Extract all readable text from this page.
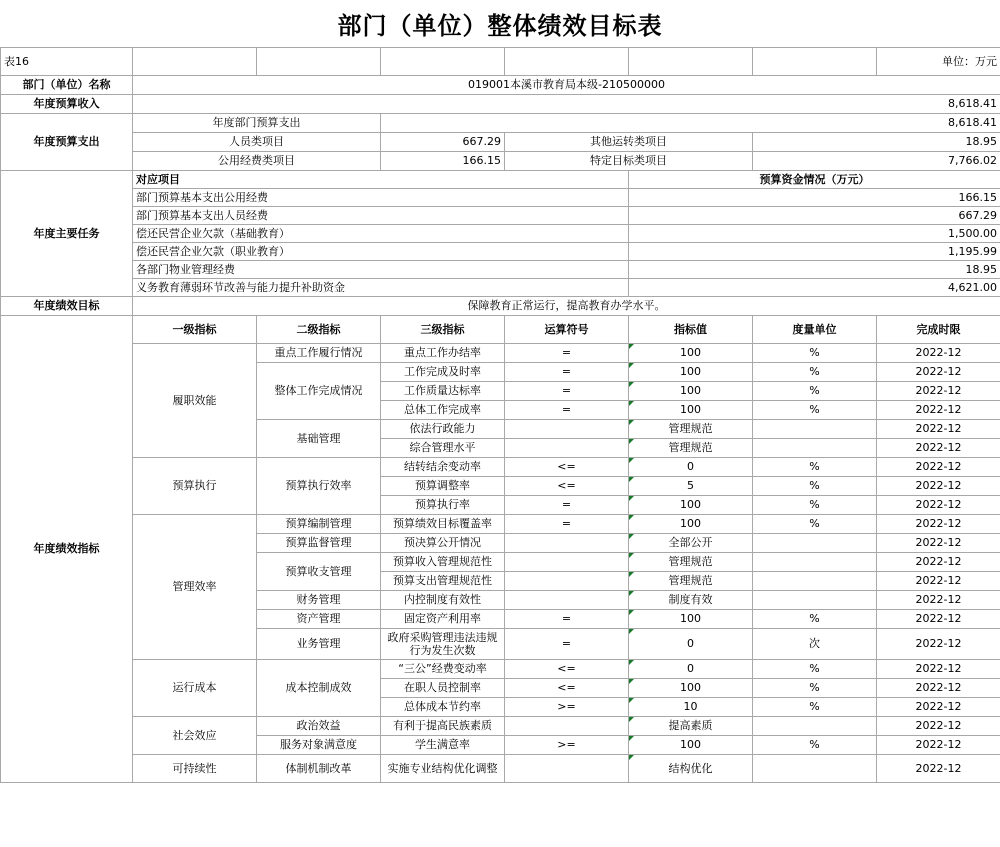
部门（单位）整体绩效目标表
表16							单位：万元
部门（单位）名称	019001本溪市教育局本级-210500000						
年度预算收入	8,618.41						
年度预算支出	年度部门预算支出		8,618.41				
	人员类项目		667.29	其他运转类项目		18.95	
	公用经费类项目		166.15	特定目标类项目		7,766.02	
年度主要任务	对应项目				预算资金情况（万元）		
	部门预算基本支出公用经费				166.15		
	部门预算基本支出人员经费				667.29		
	偿还民营企业欠款（基础教育）				1,500.00		
	偿还民营企业欠款（职业教育）				1,195.99		
	各部门物业管理经费				18.95		
	义务教育薄弱环节改善与能力提升补助资金				4,621.00		
年度绩效目标	保障教育正常运行，提高教育办学水平。						
年度绩效指标	一级指标	二级指标	三级指标	运算符号	指标值	度量单位	完成时限
	履职效能	重点工作履行情况	重点工作办结率	=	100	%	2022-12
		整体工作完成情况	工作完成及时率	=	100	%	2022-12
			工作质量达标率	=	100	%	2022-12
			总体工作完成率	=	100	%	2022-12
		基础管理	依法行政能力		管理规范		2022-12
			综合管理水平		管理规范		2022-12
	预算执行	预算执行效率	结转结余变动率	<=	0	%	2022-12
			预算调整率	<=	5	%	2022-12
			预算执行率	=	100	%	2022-12
	管理效率	预算编制管理	预算绩效目标覆盖率	=	100	%	2022-12
		预算监督管理	预决算公开情况		全部公开		2022-12
		预算收支管理	预算收入管理规范性		管理规范		2022-12
			预算支出管理规范性		管理规范		2022-12
		财务管理	内控制度有效性		制度有效		2022-12
		资产管理	固定资产利用率	=	100	%	2022-12
		业务管理	政府采购管理违法违规行为发生次数	=	0	次	2022-12
	运行成本	成本控制成效	“三公”经费变动率	<=	0	%	2022-12
			在职人员控制率	<=	100	%	2022-12
			总体成本节约率	>=	10	%	2022-12
	社会效应	政治效益	有利于提高民族素质		提高素质		2022-12
		服务对象满意度	学生满意率	>=	100	%	2022-12
	可持续性	体制机制改革	实施专业结构优化调整		结构优化		2022-12
